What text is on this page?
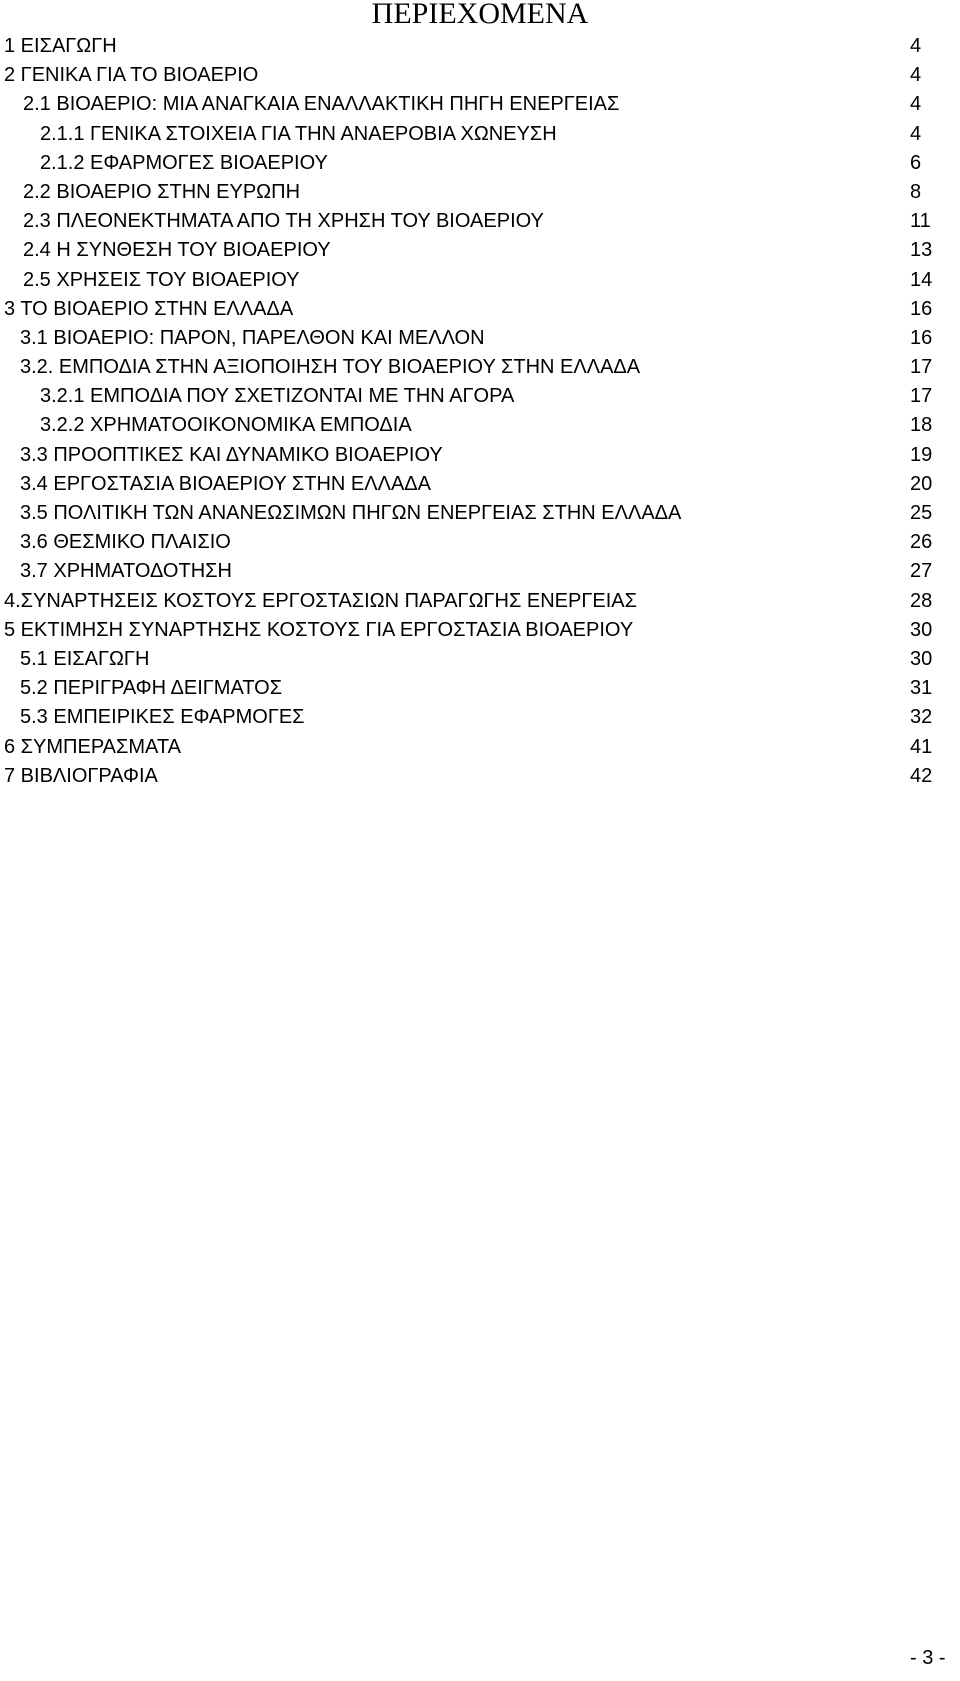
ΠΕΡΙΕΧΟΜΕΝΑ
1 ΕΙΣΑΓΩΓΗ	4
2 ΓΕΝΙΚΑ ΓΙΑ ΤΟ ΒΙΟΑΕΡΙΟ	4
2.1 ΒΙΟΑΕΡΙΟ: ΜΙΑ ΑΝΑΓΚΑΙΑ ΕΝΑΛΛΑΚΤΙΚΗ ΠΗΓΗ ΕΝΕΡΓΕΙΑΣ	4
2.1.1 ΓΕΝΙΚΑ ΣΤΟΙΧΕΙΑ ΓΙΑ ΤΗΝ ΑΝΑΕΡΟΒΙΑ ΧΩΝΕΥΣΗ	4
2.1.2 ΕΦΑΡΜΟΓΕΣ ΒΙΟΑΕΡΙΟΥ	6
2.2 ΒΙΟΑΕΡΙΟ ΣΤΗΝ ΕΥΡΩΠΗ	8
2.3 ΠΛΕΟΝΕΚΤΗΜΑΤΑ ΑΠΟ ΤΗ ΧΡΗΣΗ ΤΟΥ ΒΙΟΑΕΡΙΟΥ	11
2.4 Η ΣΥΝΘΕΣΗ ΤΟΥ ΒΙΟΑΕΡΙΟΥ	13
2.5 ΧΡΗΣΕΙΣ ΤΟΥ ΒΙΟΑΕΡΙΟΥ	14
3 ΤΟ ΒΙΟΑΕΡΙΟ ΣΤΗΝ ΕΛΛΑΔΑ	16
3.1 ΒΙΟΑΕΡΙΟ: ΠΑΡΟΝ, ΠΑΡΕΛΘΟΝ ΚΑΙ ΜΕΛΛΟΝ	16
3.2. ΕΜΠΟΔΙΑ ΣΤΗΝ ΑΞΙΟΠΟΙΗΣΗ ΤΟΥ ΒΙΟΑΕΡΙΟΥ ΣΤΗΝ ΕΛΛΑΔΑ	17
3.2.1 ΕΜΠΟΔΙΑ ΠΟΥ ΣΧΕΤΙΖΟΝΤΑΙ ΜΕ ΤΗΝ ΑΓΟΡΑ	17
3.2.2 ΧΡΗΜΑΤΟΟΙΚΟΝΟΜΙΚΑ ΕΜΠΟΔΙΑ	18
3.3 ΠΡΟΟΠΤΙΚΕΣ ΚΑΙ ΔΥΝΑΜΙΚΟ ΒΙΟΑΕΡΙΟΥ	19
3.4 ΕΡΓΟΣΤΑΣΙΑ ΒΙΟΑΕΡΙΟΥ ΣΤΗΝ ΕΛΛΑΔΑ	20
3.5 ΠΟΛΙΤΙΚΗ ΤΩΝ ΑΝΑΝΕΩΣΙΜΩΝ ΠΗΓΩΝ ΕΝΕΡΓΕΙΑΣ ΣΤΗΝ ΕΛΛΑΔΑ	25
3.6 ΘΕΣΜΙΚΟ ΠΛΑΙΣΙΟ	26
3.7 ΧΡΗΜΑΤΟΔΟΤΗΣΗ	27
4.ΣΥΝΑΡΤΗΣΕΙΣ ΚΟΣΤΟΥΣ ΕΡΓΟΣΤΑΣΙΩΝ ΠΑΡΑΓΩΓΗΣ ΕΝΕΡΓΕΙΑΣ	28
5 ΕΚΤΙΜΗΣΗ ΣΥΝΑΡΤΗΣΗΣ ΚΟΣΤΟΥΣ ΓΙΑ ΕΡΓΟΣΤΑΣΙΑ ΒΙΟΑΕΡΙΟΥ	30
5.1 ΕΙΣΑΓΩΓΗ	30
5.2 ΠΕΡΙΓΡΑΦΗ ΔΕΙΓΜΑΤΟΣ	31
5.3 ΕΜΠΕΙΡΙΚΕΣ ΕΦΑΡΜΟΓΕΣ	32
6 ΣΥΜΠΕΡΑΣΜΑΤΑ	41
7 ΒΙΒΛΙΟΓΡΑΦΙΑ	42
- 3 -
